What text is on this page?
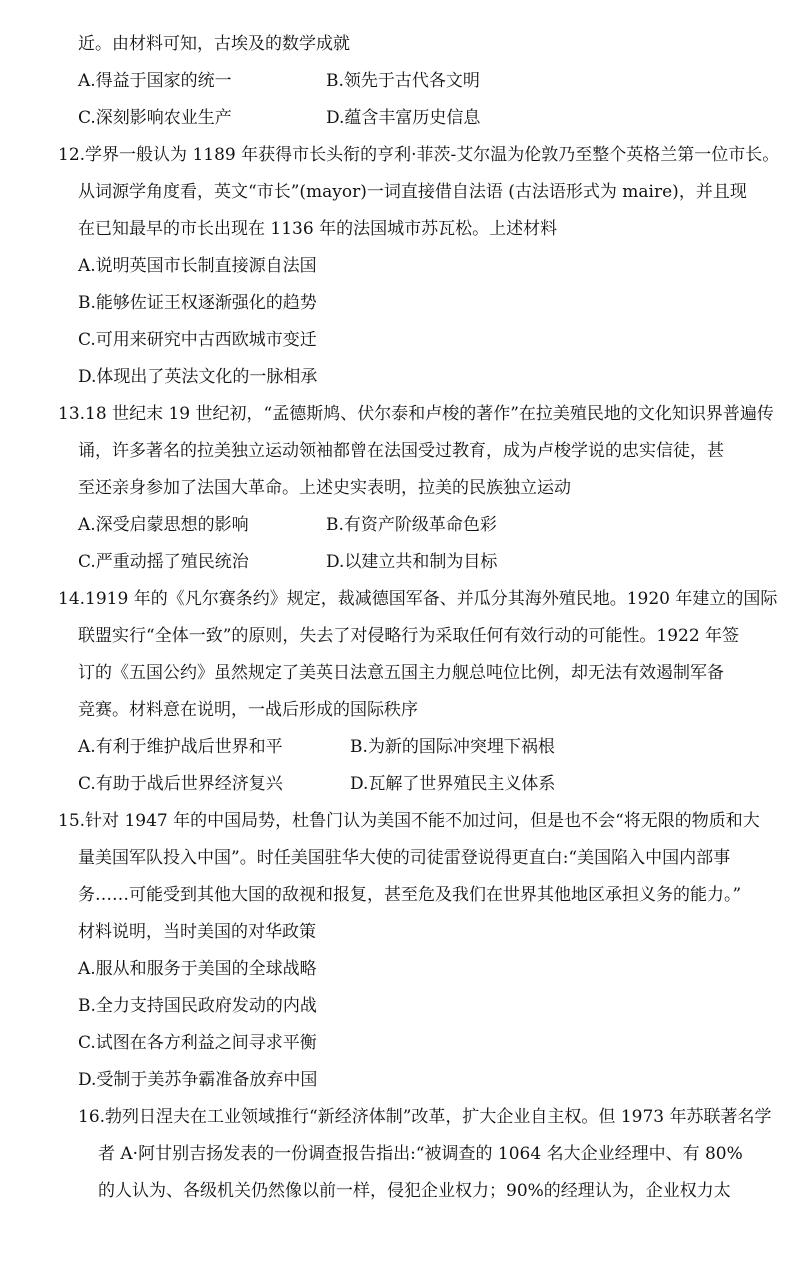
近。由材料可知，古埃及的数学成就
A.得益于国家的统一	B.领先于古代各文明
C.深刻影响农业生产	D.蕴含丰富历史信息
12.学界一般认为 1189 年获得市长头衔的亨利·菲茨-艾尔温为伦敦乃至整个英格兰第一位市长。
从词源学角度看，英文“市长”(mayor)一词直接借自法语 (古法语形式为 maire)，并且现
在已知最早的市长出现在 1136 年的法国城市苏瓦松。上述材料
A.说明英国市长制直接源自法国
B.能够佐证王权逐渐强化的趋势
C.可用来研究中古西欧城市变迁
D.体现出了英法文化的一脉相承
13.18 世纪末 19 世纪初，“孟德斯鸠、伏尔泰和卢梭的著作”在拉美殖民地的文化知识界普遍传
诵，许多著名的拉美独立运动领袖都曾在法国受过教育，成为卢梭学说的忠实信徒，甚
至还亲身参加了法国大革命。上述史实表明，拉美的民族独立运动
A.深受启蒙思想的影响	B.有资产阶级革命色彩
C.严重动摇了殖民统治	D.以建立共和制为目标
14.1919 年的《凡尔赛条约》规定，裁减德国军备、并瓜分其海外殖民地。1920 年建立的国际
联盟实行“全体一致”的原则，失去了对侵略行为采取任何有效行动的可能性。1922 年签
订的《五国公约》虽然规定了美英日法意五国主力舰总吨位比例，却无法有效遏制军备
竞赛。材料意在说明，一战后形成的国际秩序
A.有利于维护战后世界和平	B.为新的国际冲突埋下祸根
C.有助于战后世界经济复兴	D.瓦解了世界殖民主义体系
15.针对 1947 年的中国局势，杜鲁门认为美国不能不加过问，但是也不会“将无限的物质和大
量美国军队投入中国”。时任美国驻华大使的司徒雷登说得更直白:“美国陷入中国内部事
务……可能受到其他大国的敌视和报复，甚至危及我们在世界其他地区承担义务的能力。”
材料说明，当时美国的对华政策
A.服从和服务于美国的全球战略
B.全力支持国民政府发动的内战
C.试图在各方利益之间寻求平衡
D.受制于美苏争霸准备放弃中国
16.勃列日涅夫在工业领域推行“新经济体制”改革，扩大企业自主权。但 1973 年苏联著名学
者 A·阿甘别吉扬发表的一份调查报告指出:“被调查的 1064 名大企业经理中、有 80%
的人认为、各级机关仍然像以前一样，侵犯企业权力；90%的经理认为，企业权力太
